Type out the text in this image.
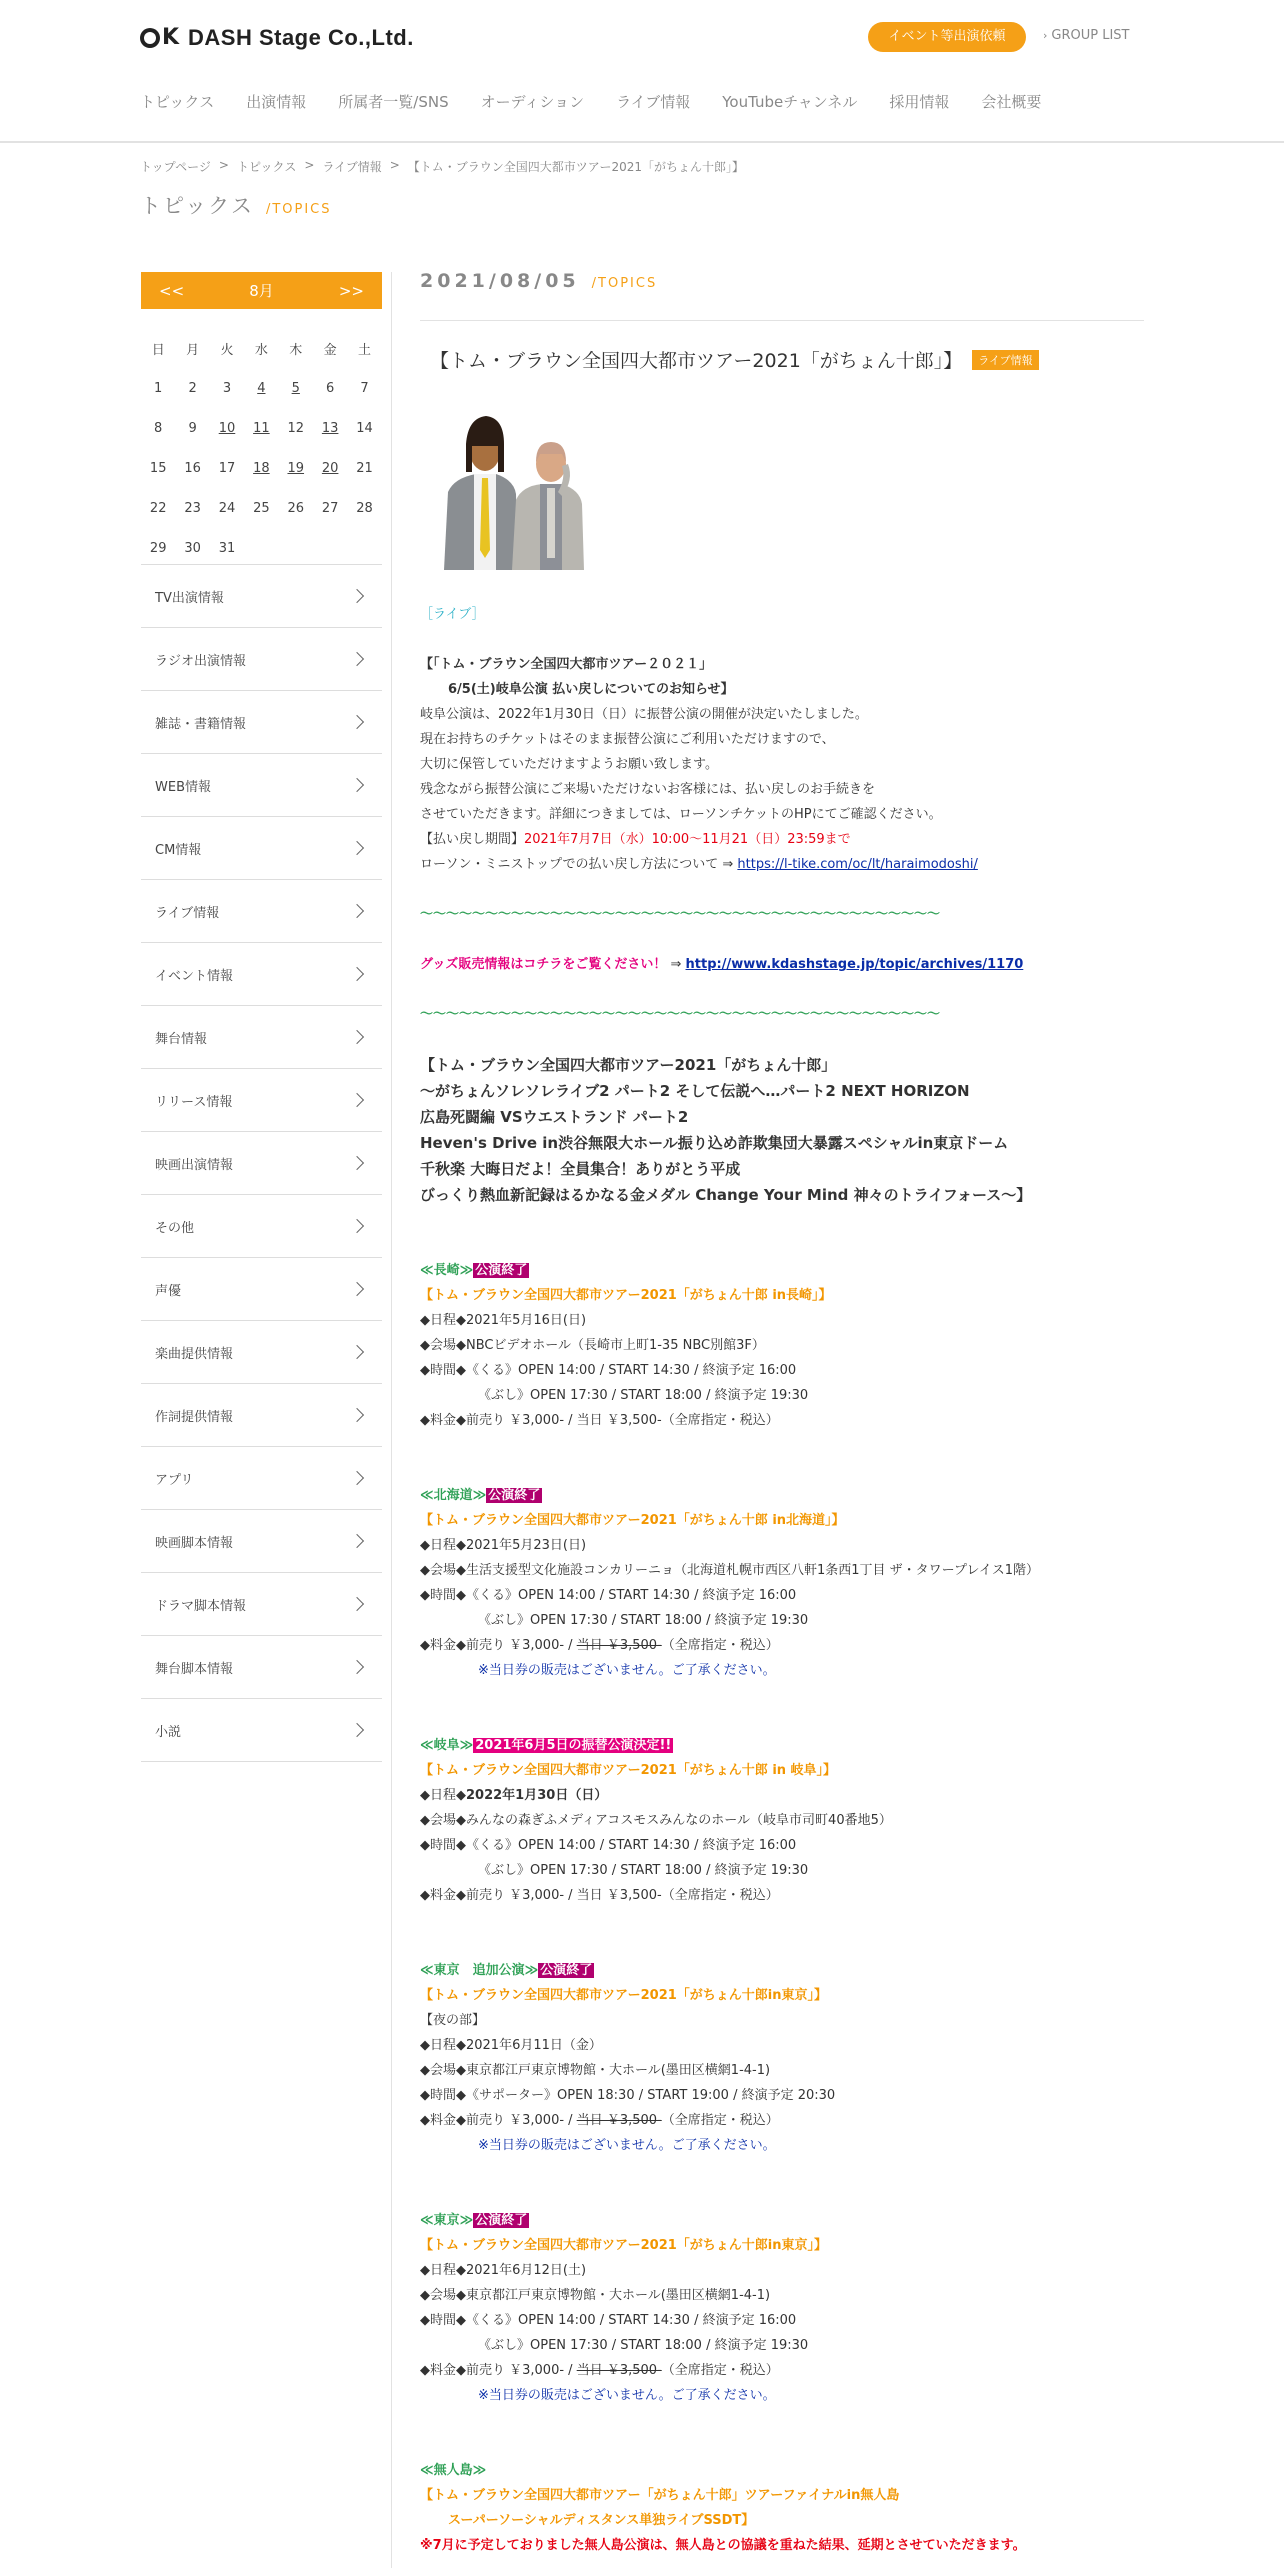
K DASH Stage Co.,Ltd.	イベント等出演依頼	› GROUP LIST
トピックス 出演情報 所属者一覧/SNS オーディション ライブ情報 YouTubeチャンネル 採用情報 会社概要
トップページ > トピックス > ライブ情報 > 【トム・ブラウン全国四大都市ツアー2021「がちょん十郎」】
トピックス /TOPICS
<<	8月	>>
日	月	火	水	木	金	土
1	2	3	4	5	6	7
8	9	10	11	12	13	14
15	16	17	18	19	20	21
22	23	24	25	26	27	28
29	30	31
TV出演情報
ラジオ出演情報
雑誌・書籍情報
WEB情報
CM情報
ライブ情報
イベント情報
舞台情報
リリース情報
映画出演情報
その他
声優
楽曲提供情報
作詞提供情報
アプリ
映画脚本情報
ドラマ脚本情報
舞台脚本情報
小説
2021/08/05 /TOPICS
【トム・ブラウン全国四大都市ツアー2021「がちょん十郎」】	ライブ情報

［ライブ］

【「トム・ブラウン全国四大都市ツアー２０２１」

6/5(土)岐阜公演 払い戻しについてのお知らせ】

岐阜公演は、2022年1月30日（日）に振替公演の開催が決定いたしました。

現在お持ちのチケットはそのまま振替公演にご利用いただけますので、

大切に保管していただけますようお願い致します。

残念ながら振替公演にご来場いただけないお客様には、払い戻しのお手続きを

させていただきます。詳細につきましては、ローソンチケットのHPにてご確認ください。

【払い戻し期間】2021年7月7日（水）10:00～11月21（日）23:59まで

ローソン・ミニストップでの払い戻し方法について ⇒ https://l-tike.com/oc/lt/haraimodoshi/

～～～～～～～～～～～～～～～～～～～～～～～～～～～～～～～～～～～～～～～～

グッズ販売情報はコチラをご覧ください！ ⇒ http://www.kdashstage.jp/topic/archives/1170

～～～～～～～～～～～～～～～～～～～～～～～～～～～～～～～～～～～～～～～～

【トム・ブラウン全国四大都市ツアー2021「がちょん十郎」

～がちょんソレソレライブ2 パート2 そして伝説へ…パート2 NEXT HORIZON

広島死闘編 VSウエストランド パート2

Heven's Drive in渋谷無限大ホール振り込め詐欺集団大暴露スペシャルin東京ドーム

千秋楽 大晦日だよ！全員集合！ありがとう平成

びっくり熱血新記録はるかなる金メダル Change Your Mind 神々のトライフォース～】

≪長崎≫ 公演終了

【トム・ブラウン全国四大都市ツアー2021「がちょん十郎 in長崎」】

◆日程◆2021年5月16日(日)

◆会場◆NBCビデオホール（長崎市上町1-35 NBC別館3F）

◆時間◆《くる》OPEN 14:00 / START 14:30 / 終演予定 16:00

《ぶし》OPEN 17:30 / START 18:00 / 終演予定 19:30

◆料金◆前売り ￥3,000- / 当日 ￥3,500-（全席指定・税込）

≪北海道≫ 公演終了

【トム・ブラウン全国四大都市ツアー2021「がちょん十郎 in北海道」】

◆日程◆2021年5月23日(日)

◆会場◆生活支援型文化施設コンカリーニョ（北海道札幌市西区八軒1条西1丁目 ザ・タワープレイス1階）

◆時間◆《くる》OPEN 14:00 / START 14:30 / 終演予定 16:00

《ぶし》OPEN 17:30 / START 18:00 / 終演予定 19:30

◆料金◆前売り ￥3,000- / 当日 ￥3,500-（全席指定・税込）

※当日券の販売はございません。ご了承ください。

≪岐阜≫ 2021年6月5日の振替公演決定!!

【トム・ブラウン全国四大都市ツアー2021「がちょん十郎 in 岐阜」】

◆日程◆2022年1月30日（日）

◆会場◆みんなの森ぎふメディアコスモスみんなのホール（岐阜市司町40番地5）

◆時間◆《くる》OPEN 14:00 / START 14:30 / 終演予定 16:00

《ぶし》OPEN 17:30 / START 18:00 / 終演予定 19:30

◆料金◆前売り ￥3,000- / 当日 ￥3,500-（全席指定・税込）

≪東京　追加公演≫ 公演終了

【トム・ブラウン全国四大都市ツアー2021「がちょん十郎in東京」】

【夜の部】

◆日程◆2021年6月11日（金）

◆会場◆東京都江戸東京博物館・大ホール(墨田区横網1-4-1)

◆時間◆《サポーター》OPEN 18:30 / START 19:00 / 終演予定 20:30

◆料金◆前売り ￥3,000- / 当日 ￥3,500-（全席指定・税込）

※当日券の販売はございません。ご了承ください。

≪東京≫ 公演終了

【トム・ブラウン全国四大都市ツアー2021「がちょん十郎in東京」】

◆日程◆2021年6月12日(土)

◆会場◆東京都江戸東京博物館・大ホール(墨田区横網1-4-1)

◆時間◆《くる》OPEN 14:00 / START 14:30 / 終演予定 16:00

《ぶし》OPEN 17:30 / START 18:00 / 終演予定 19:30

◆料金◆前売り ￥3,000- / 当日 ￥3,500-（全席指定・税込）

※当日券の販売はございません。ご了承ください。

≪無人島≫

【トム・ブラウン全国四大都市ツアー「がちょん十郎」ツアーファイナルin無人島

スーパーソーシャルディスタンス単独ライブSSDT】

※7月に予定しておりました無人島公演は、無人島との協議を重ねた結果、延期とさせていただきます。
